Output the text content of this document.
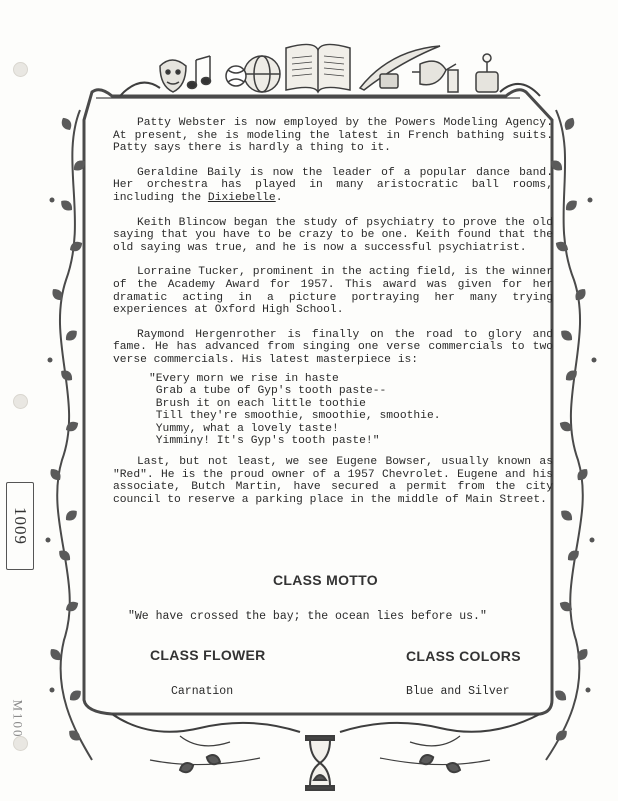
1009
M100

Patty Webster is now employed by the Powers Modeling Agency. At present, she is modeling the latest in French bathing suits. Patty says there is hardly a thing to it.

Geraldine Baily is now the leader of a popular dance band. Her orchestra has played in many aristocratic ball rooms, including the Dixiebelle.

Keith Blincow began the study of psychiatry to prove the old saying that you have to be crazy to be one. Keith found that the old saying was true, and he is now a successful psychiatrist.

Lorraine Tucker, prominent in the acting field, is the winner of the Academy Award for 1957. This award was given for her dramatic acting in a picture portraying her many trying experiences at Oxford High School.

Raymond Hergenrother is finally on the road to glory and fame. He has advanced from singing one verse commercials to two verse commercials. His latest masterpiece is:

"Every morn we rise in haste
Grab a tube of Gyp's tooth paste--
Brush it on each little toothie
Till they're smoothie, smoothie, smoothie.
Yummy, what a lovely taste!
Yimminy! It's Gyp's tooth paste!"

Last, but not least, we see Eugene Bowser, usually known as "Red". He is the proud owner of a 1957 Chevrolet. Eugene and his associate, Butch Martin, have secured a permit from the city council to reserve a parking place in the middle of Main Street.

CLASS MOTTO
"We have crossed the bay; the ocean lies before us."
CLASS FLOWER
Carnation
CLASS COLORS
Blue and Silver
